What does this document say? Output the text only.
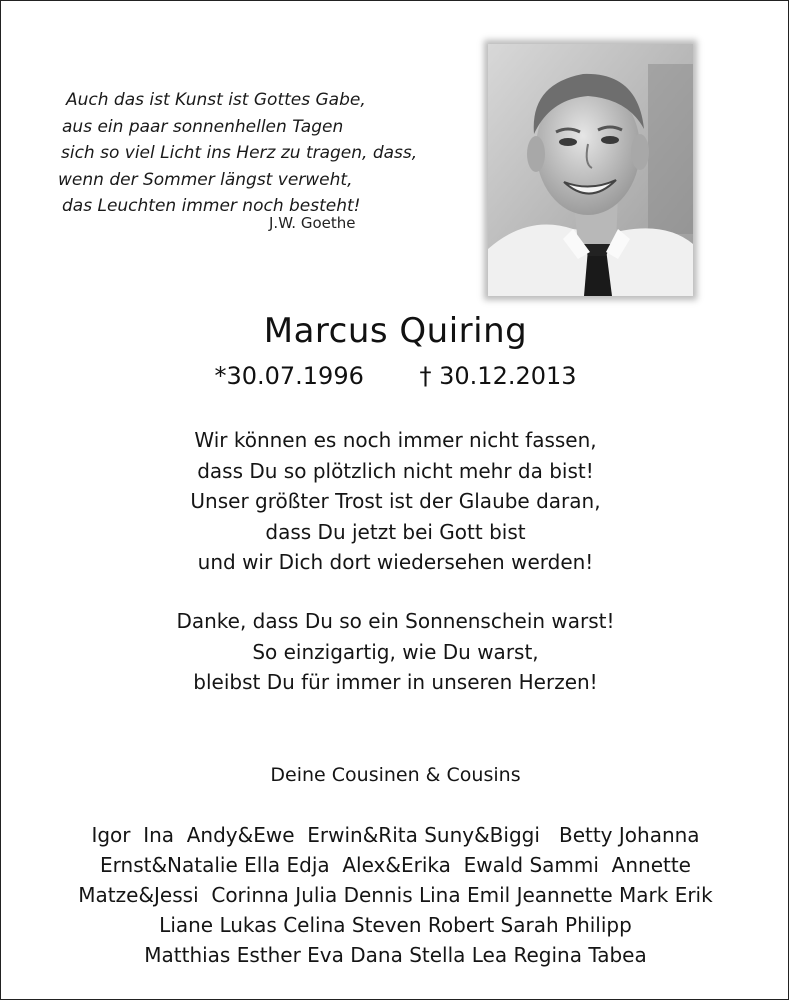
Auch das ist Kunst ist Gottes Gabe,
aus ein paar sonnenhellen Tagen
sich so viel Licht ins Herz zu tragen, dass,
wenn der Sommer längst verweht,
das Leuchten immer noch besteht!
J.W. Goethe
Marcus Quiring
*30.07.1996 † 30.12.2013
Wir können es noch immer nicht fassen,
dass Du so plötzlich nicht mehr da bist!
Unser größter Trost ist der Glaube daran,
dass Du jetzt bei Gott bist
und wir Dich dort wiedersehen werden!
Danke, dass Du so ein Sonnenschein warst!
So einzigartig, wie Du warst,
bleibst Du für immer in unseren Herzen!
Deine Cousinen & Cousins
Igor  Ina  Andy&Ewe  Erwin&Rita Suny&Biggi   Betty Johanna
Ernst&Natalie Ella Edja  Alex&Erika  Ewald Sammi  Annette
Matze&Jessi  Corinna Julia Dennis Lina Emil Jeannette Mark Erik
Liane Lukas Celina Steven Robert Sarah Philipp
Matthias Esther Eva Dana Stella Lea Regina Tabea
